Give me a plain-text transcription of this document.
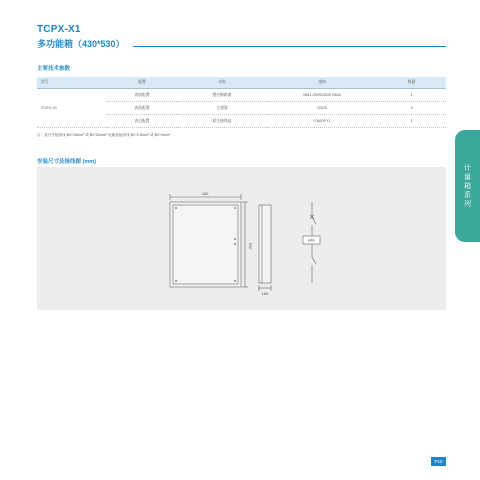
TCPX-X1
多功能箱（430*530）
主要技术参数
型号	配置	名称	规格	数量
TCPX-X1	表前配置	塑壳断路器	NM1-250S/3300 250A	1
	表前配置	互感器	200/5	3
	表后配置	联合接线盒	FJ6/DFY1	1
注：其开关接线线 BV*16mm² 或 BV*25mm² 电能表接线线 BV*2.5mm² 或 BV*4mm²
安装尺寸及接线图 (mm)
430
530
165
kWh
计
量
箱
系
列
P10
